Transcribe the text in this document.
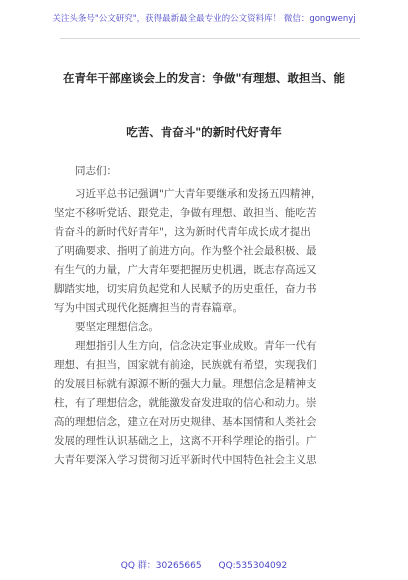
关注头条号"公文研究"，获得最新最全最专业的公文资料库！ 微信：gongwenyj
在青年干部座谈会上的发言：争做"有理想、敢担当、能
吃苦、肯奋斗"的新时代好青年
同志们：
习近平总书记强调"广大青年要继承和发扬五四精神，
坚定不移听党话、跟党走，争做有理想、敢担当、能吃苦
肯奋斗的新时代好青年"，这为新时代青年成长成才提出
了明确要求、指明了前进方向。作为整个社会最积极、最
有生气的力量，广大青年要把握历史机遇，既志存高远又
脚踏实地，切实肩负起党和人民赋予的历史重任，奋力书
写为中国式现代化挺膺担当的青春篇章。
要坚定理想信念。
理想指引人生方向，信念决定事业成败。青年一代有
理想、有担当，国家就有前途，民族就有希望，实现我们
的发展目标就有源源不断的强大力量。理想信念是精神支
柱，有了理想信念，就能激发奋发进取的信心和动力。崇
高的理想信念，建立在对历史规律、基本国情和人类社会
发展的理性认识基础之上，这离不开科学理论的指引。广
大青年要深入学习贯彻习近平新时代中国特色社会主义思
QQ 群：30265665 QQ:535304092
